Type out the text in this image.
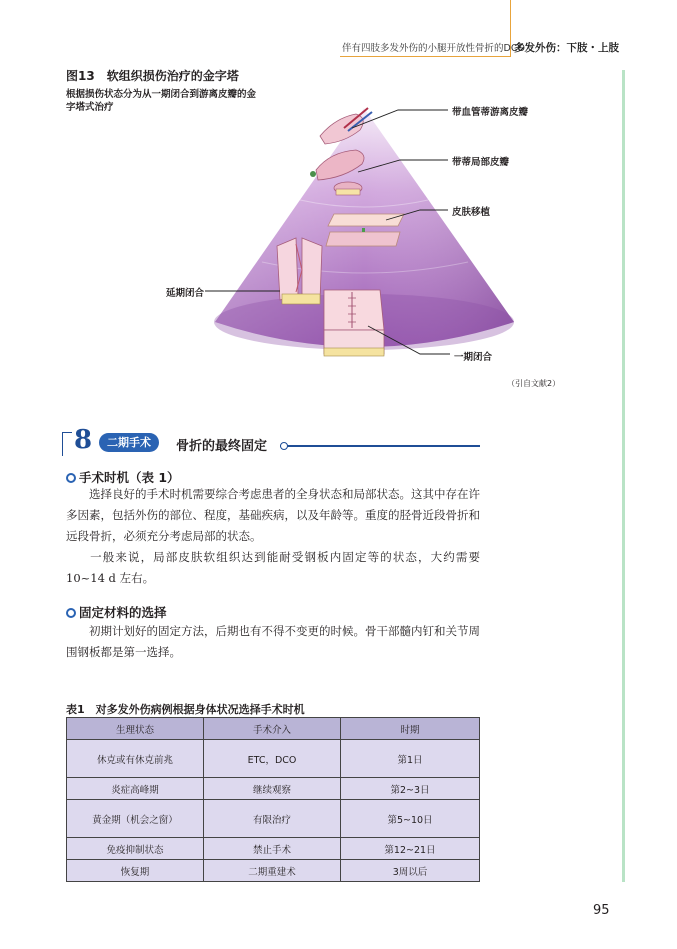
伴有四肢多发外伤的小腿开放性骨折的DCO
多发外伤：下肢・上肢
图13　软组织损伤治疗的金字塔
根据损伤状态分为从一期闭合到游离皮瓣的金字塔式治疗	带血管蒂游离皮瓣
带蒂局部皮瓣
皮肤移植
延期闭合
一期闭合
（引自文献2）
8	二期手术	骨折的最终固定
手术时机（表 1）
选择良好的手术时机需要综合考虑患者的全身状态和局部状态。这其中存在许多因素，包括外伤的部位、程度，基础疾病，以及年龄等。重度的胫骨近段骨折和远段骨折，必须充分考虑局部的状态。
一般来说，局部皮肤软组织达到能耐受钢板内固定等的状态，大约需要10~14 d 左右。
固定材料的选择
初期计划好的固定方法，后期也有不得不变更的时候。骨干部髓内钉和关节周围钢板都是第一选择。
表1　对多发外伤病例根据身体状况选择手术时机
生理状态	手术介入	时期
休克或有休克前兆	ETC，DCO	第1日
炎症高峰期	继续观察	第2~3日
黄金期（机会之窗）	有限治疗	第5~10日
免疫抑制状态	禁止手术	第12~21日
恢复期	二期重建术	3周以后
95
